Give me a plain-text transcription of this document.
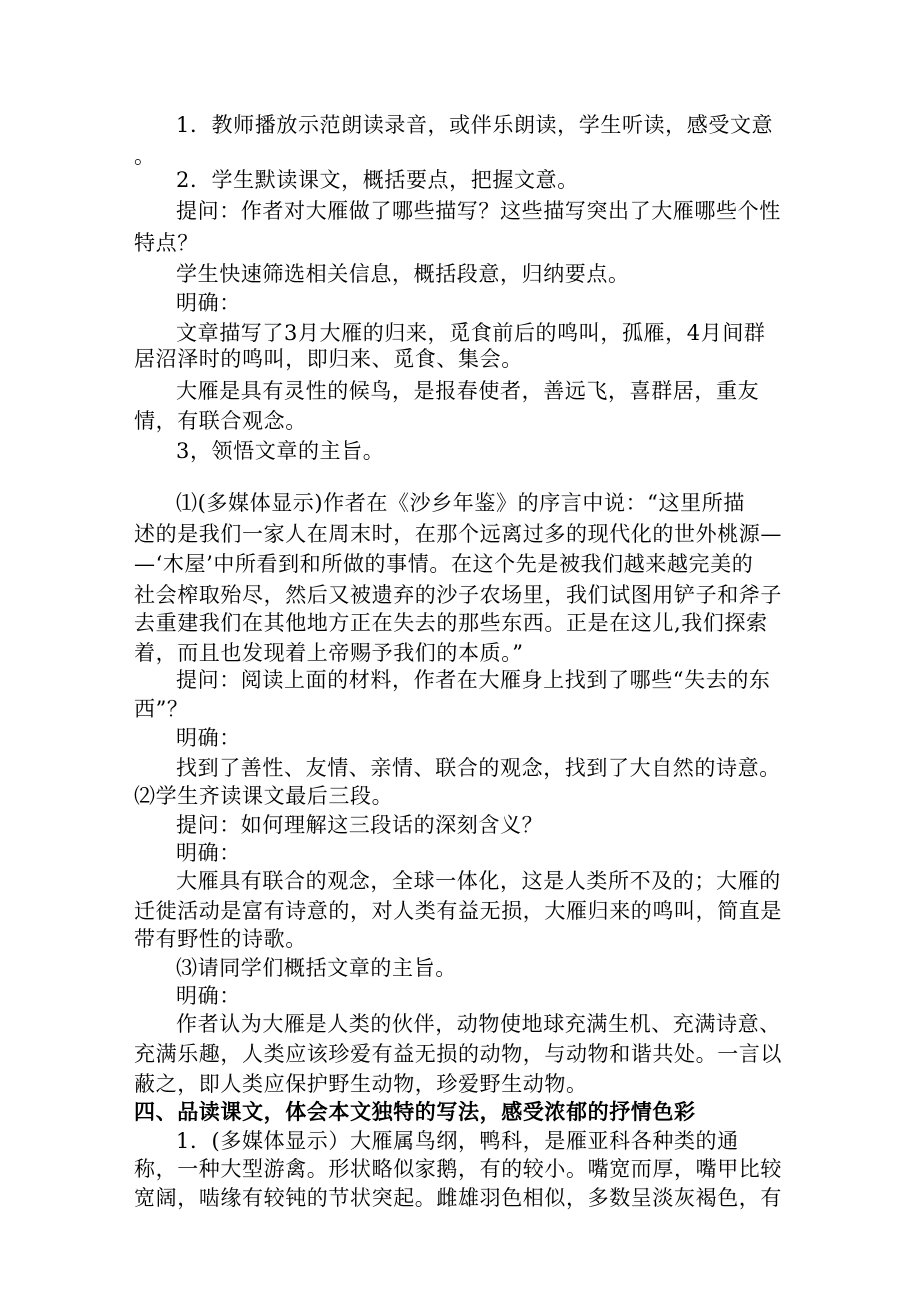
1．教师播放示范朗读录音，或伴乐朗读，学生听读，感受文意
。
2．学生默读课文，概括要点，把握文意。
提问：作者对大雁做了哪些描写？这些描写突出了大雁哪些个性
特点？
学生快速筛选相关信息，概括段意，归纳要点。
明确：
文章描写了3月大雁的归来，觅食前后的鸣叫，孤雁，4月间群
居沼泽时的鸣叫，即归来、觅食、集会。
大雁是具有灵性的候鸟，是报春使者，善远飞，喜群居，重友
情，有联合观念。
3，领悟文章的主旨。
⑴(多媒体显示)作者在《沙乡年鉴》的序言中说：“这里所描
述的是我们一家人在周末时，在那个远离过多的现代化的世外桃源—
—‘木屋’中所看到和所做的事情。在这个先是被我们越来越完美的
社会榨取殆尽，然后又被遗弃的沙子农场里，我们试图用铲子和斧子
去重建我们在其他地方正在失去的那些东西。正是在这儿,我们探索
着，而且也发现着上帝赐予我们的本质。”
提问：阅读上面的材料，作者在大雁身上找到了哪些“失去的东
西”？
明确：
找到了善性、友情、亲情、联合的观念，找到了大自然的诗意。
⑵学生齐读课文最后三段。
提问：如何理解这三段话的深刻含义？
明确：
大雁具有联合的观念，全球一体化，这是人类所不及的；大雁的
迁徙活动是富有诗意的，对人类有益无损，大雁归来的鸣叫，简直是
带有野性的诗歌。
⑶请同学们概括文章的主旨。
明确：
作者认为大雁是人类的伙伴，动物使地球充满生机、充满诗意、
充满乐趣，人类应该珍爱有益无损的动物，与动物和谐共处。一言以
蔽之，即人类应保护野生动物，珍爱野生动物。
四、品读课文，体会本文独特的写法，感受浓郁的抒情色彩
1．(多媒体显示）大雁属鸟纲，鸭科，是雁亚科各种类的通
称，一种大型游禽。形状略似家鹅，有的较小。嘴宽而厚，嘴甲比较
宽阔，啮缘有较钝的节状突起。雌雄羽色相似，多数呈淡灰褐色，有
